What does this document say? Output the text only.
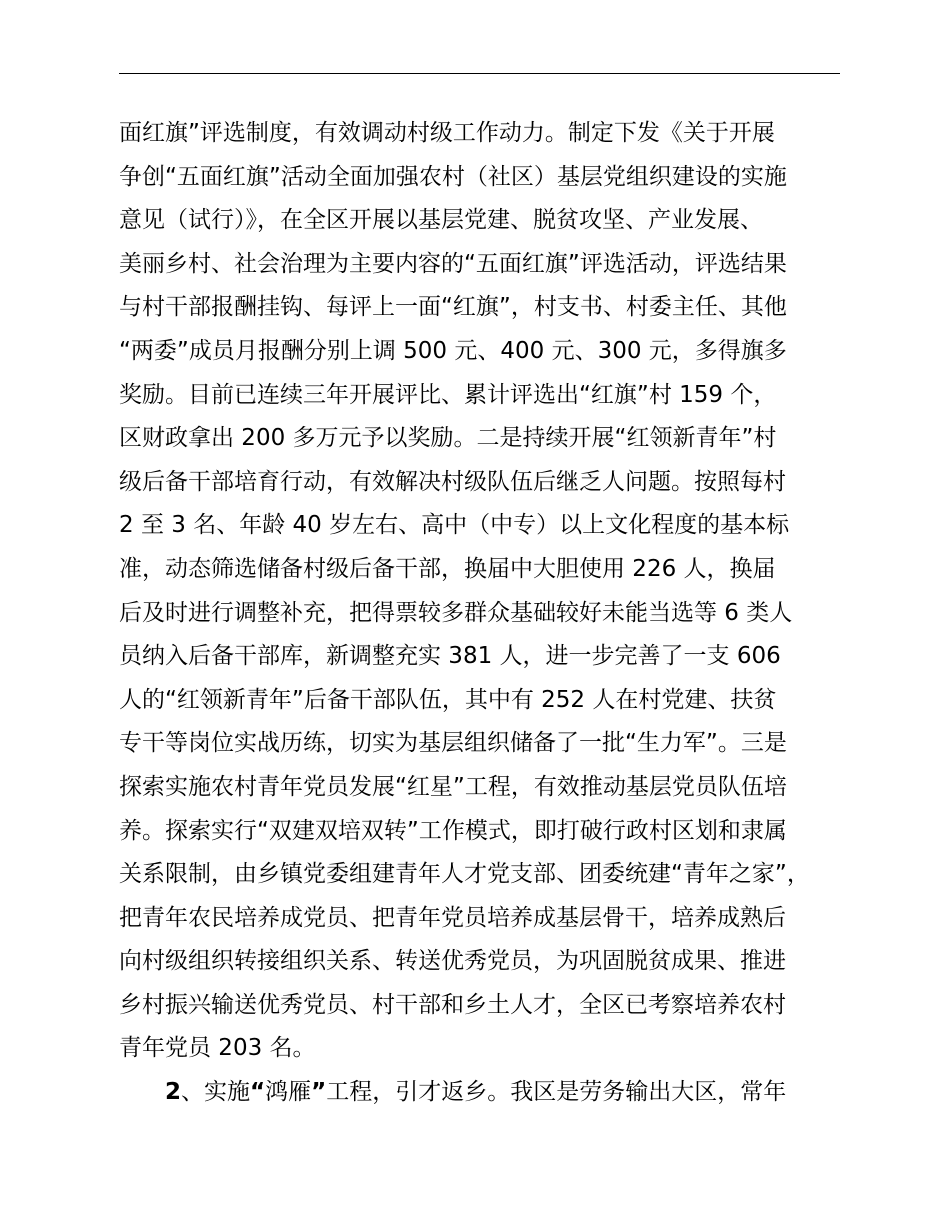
面红旗”评选制度，有效调动村级工作动力。制定下发《关于开展
争创“五面红旗”活动全面加强农村（社区）基层党组织建设的实施
意见（试行）》，在全区开展以基层党建、脱贫攻坚、产业发展、
美丽乡村、社会治理为主要内容的“五面红旗”评选活动，评选结果
与村干部报酬挂钩、每评上一面“红旗”，村支书、村委主任、其他
“两委”成员月报酬分别上调 500 元、400 元、300 元，多得旗多
奖励。目前已连续三年开展评比、累计评选出“红旗”村 159 个，
区财政拿出 200 多万元予以奖励。二是持续开展“红领新青年”村
级后备干部培育行动，有效解决村级队伍后继乏人问题。按照每村
2 至 3 名、年龄 40 岁左右、高中（中专）以上文化程度的基本标
准，动态筛选储备村级后备干部，换届中大胆使用 226 人，换届
后及时进行调整补充，把得票较多群众基础较好未能当选等 6 类人
员纳入后备干部库，新调整充实 381 人，进一步完善了一支 606
人的“红领新青年”后备干部队伍，其中有 252 人在村党建、扶贫
专干等岗位实战历练，切实为基层组织储备了一批“生力军”。三是
探索实施农村青年党员发展“红星”工程，有效推动基层党员队伍培
养。探索实行“双建双培双转”工作模式，即打破行政村区划和隶属
关系限制，由乡镇党委组建青年人才党支部、团委统建“青年之家”，
把青年农民培养成党员、把青年党员培养成基层骨干，培养成熟后
向村级组织转接组织关系、转送优秀党员，为巩固脱贫成果、推进
乡村振兴输送优秀党员、村干部和乡土人才，全区已考察培养农村
青年党员 203 名。
2、实施“鸿雁”工程，引才返乡。我区是劳务输出大区，常年
